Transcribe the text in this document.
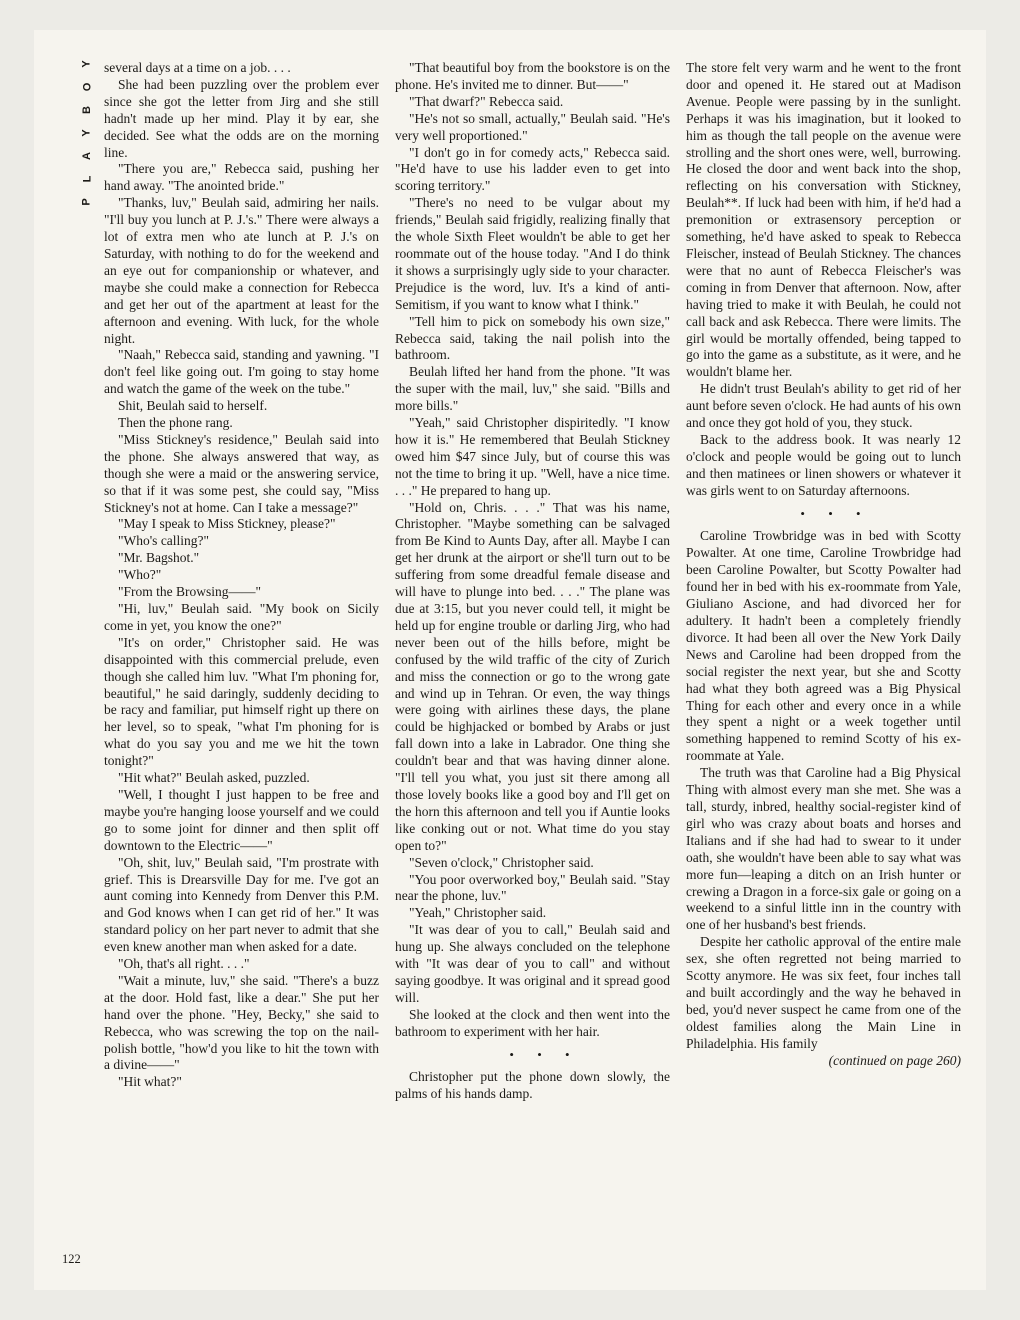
Y
O
B
Y
A
L
P

several days at a time on a job. . . .

She had been puzzling over the problem ever since she got the letter from Jirg and she still hadn't made up her mind. Play it by ear, she decided. See what the odds are on the morning line.

"There you are," Rebecca said, pushing her hand away. "The anointed bride."

"Thanks, luv," Beulah said, admiring her nails. "I'll buy you lunch at P. J.'s." There were always a lot of extra men who ate lunch at P. J.'s on Saturday, with nothing to do for the weekend and an eye out for companionship or whatever, and maybe she could make a connection for Rebecca and get her out of the apartment at least for the afternoon and evening. With luck, for the whole night.

"Naah," Rebecca said, standing and yawning. "I don't feel like going out. I'm going to stay home and watch the game of the week on the tube."

Shit, Beulah said to herself.

Then the phone rang.

"Miss Stickney's residence," Beulah said into the phone. She always answered that way, as though she were a maid or the answering service, so that if it was some pest, she could say, "Miss Stickney's not at home. Can I take a message?"

"May I speak to Miss Stickney, please?"

"Who's calling?"

"Mr. Bagshot."

"Who?"

"From the Browsing——"

"Hi, luv," Beulah said. "My book on Sicily come in yet, you know the one?"

"It's on order," Christopher said. He was disappointed with this commercial prelude, even though she called him luv. "What I'm phoning for, beautiful," he said daringly, suddenly deciding to be racy and familiar, put himself right up there on her level, so to speak, "what I'm phoning for is what do you say you and me we hit the town tonight?"

"Hit what?" Beulah asked, puzzled.

"Well, I thought I just happen to be free and maybe you're hanging loose yourself and we could go to some joint for dinner and then split off downtown to the Electric——"

"Oh, shit, luv," Beulah said, "I'm prostrate with grief. This is Drearsville Day for me. I've got an aunt coming into Kennedy from Denver this P.M. and God knows when I can get rid of her." It was standard policy on her part never to admit that she even knew another man when asked for a date.

"Oh, that's all right. . . ."

"Wait a minute, luv," she said. "There's a buzz at the door. Hold fast, like a dear." She put her hand over the phone. "Hey, Becky," she said to Rebecca, who was screwing the top on the nail-polish bottle, "how'd you like to hit the town with a divine——"

"Hit what?"

"That beautiful boy from the bookstore is on the phone. He's invited me to dinner. But——"

"That dwarf?" Rebecca said.

"He's not so small, actually," Beulah said. "He's very well proportioned."

"I don't go in for comedy acts," Rebecca said. "He'd have to use his ladder even to get into scoring territory."

"There's no need to be vulgar about my friends," Beulah said frigidly, realizing finally that the whole Sixth Fleet wouldn't be able to get her roommate out of the house today. "And I do think it shows a surprisingly ugly side to your character. Prejudice is the word, luv. It's a kind of anti-Semitism, if you want to know what I think."

"Tell him to pick on somebody his own size," Rebecca said, taking the nail polish into the bathroom.

Beulah lifted her hand from the phone. "It was the super with the mail, luv," she said. "Bills and more bills."

"Yeah," said Christopher dispiritedly. "I know how it is." He remembered that Beulah Stickney owed him $47 since July, but of course this was not the time to bring it up. "Well, have a nice time. . . ." He prepared to hang up.

"Hold on, Chris. . . ." That was his name, Christopher. "Maybe something can be salvaged from Be Kind to Aunts Day, after all. Maybe I can get her drunk at the airport or she'll turn out to be suffering from some dreadful female disease and will have to plunge into bed. . . ." The plane was due at 3:15, but you never could tell, it might be held up for engine trouble or darling Jirg, who had never been out of the hills before, might be confused by the wild traffic of the city of Zurich and miss the connection or go to the wrong gate and wind up in Tehran. Or even, the way things were going with airlines these days, the plane could be highjacked or bombed by Arabs or just fall down into a lake in Labrador. One thing she couldn't bear and that was having dinner alone. "I'll tell you what, you just sit there among all those lovely books like a good boy and I'll get on the horn this afternoon and tell you if Auntie looks like conking out or not. What time do you stay open to?"

"Seven o'clock," Christopher said.

"You poor overworked boy," Beulah said. "Stay near the phone, luv."

"Yeah," Christopher said.

"It was dear of you to call," Beulah said and hung up. She always concluded on the telephone with "It was dear of you to call" and without saying goodbye. It was original and it spread good will.

She looked at the clock and then went into the bathroom to experiment with her hair.

• • •

Christopher put the phone down slowly, the palms of his hands damp.

The store felt very warm and he went to the front door and opened it. He stared out at Madison Avenue. People were passing by in the sunlight. Perhaps it was his imagination, but it looked to him as though the tall people on the avenue were strolling and the short ones were, well, burrowing. He closed the door and went back into the shop, reflecting on his conversation with Stickney, Beulah**. If luck had been with him, if he'd had a premonition or extrasensory perception or something, he'd have asked to speak to Rebecca Fleischer, instead of Beulah Stickney. The chances were that no aunt of Rebecca Fleischer's was coming in from Denver that afternoon. Now, after having tried to make it with Beulah, he could not call back and ask Rebecca. There were limits. The girl would be mortally offended, being tapped to go into the game as a substitute, as it were, and he wouldn't blame her.

He didn't trust Beulah's ability to get rid of her aunt before seven o'clock. He had aunts of his own and once they got hold of you, they stuck.

Back to the address book. It was nearly 12 o'clock and people would be going out to lunch and then matinees or linen showers or whatever it was girls went to on Saturday afternoons.

• • •

Caroline Trowbridge was in bed with Scotty Powalter. At one time, Caroline Trowbridge had been Caroline Powalter, but Scotty Powalter had found her in bed with his ex-roommate from Yale, Giuliano Ascione, and had divorced her for adultery. It hadn't been a completely friendly divorce. It had been all over the New York Daily News and Caroline had been dropped from the social register the next year, but she and Scotty had what they both agreed was a Big Physical Thing for each other and every once in a while they spent a night or a week together until something happened to remind Scotty of his ex-roommate at Yale.

The truth was that Caroline had a Big Physical Thing with almost every man she met. She was a tall, sturdy, inbred, healthy social-register kind of girl who was crazy about boats and horses and Italians and if she had had to swear to it under oath, she wouldn't have been able to say what was more fun—leaping a ditch on an Irish hunter or crewing a Dragon in a force-six gale or going on a weekend to a sinful little inn in the country with one of her husband's best friends.

Despite her catholic approval of the entire male sex, she often regretted not being married to Scotty anymore. He was six feet, four inches tall and built accordingly and the way he behaved in bed, you'd never suspect he came from one of the oldest families along the Main Line in Philadelphia. His family

(continued on page 260)

122
